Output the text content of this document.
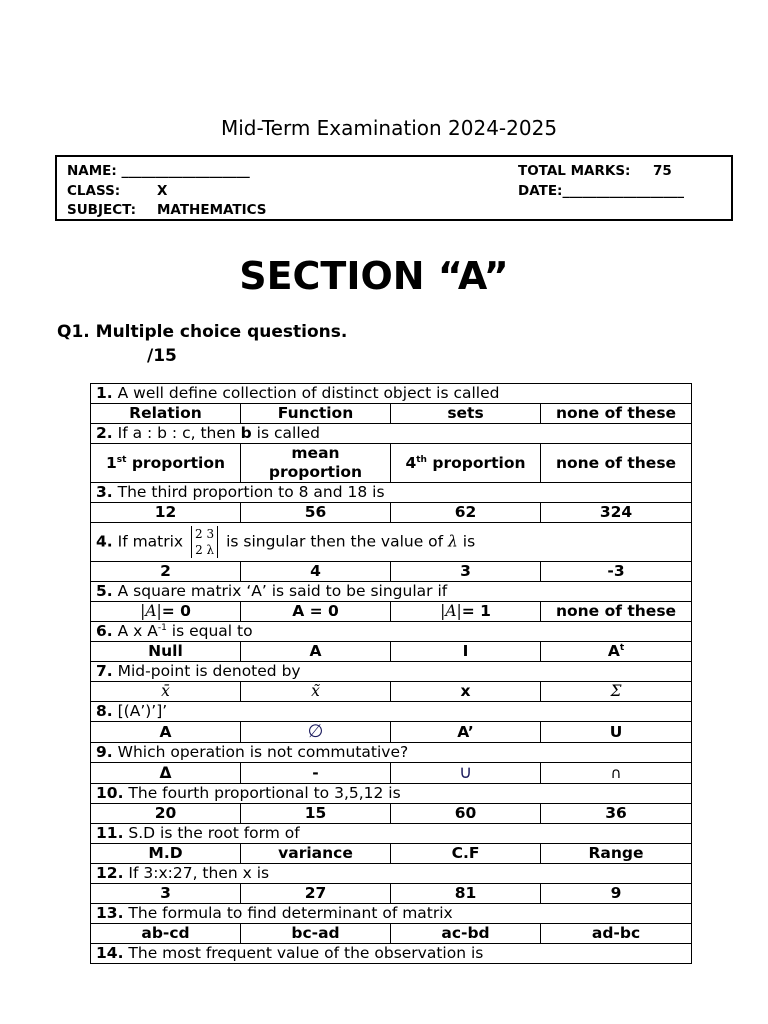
Mid-Term Examination 2024-2025
NAME: ___________________
CLASS:	X
SUBJECT: MATHEMATICS
TOTAL MARKS: 75
DATE:__________________
SECTION “A”
Q1. Multiple choice questions.
/15
1. A well define collection of distinct object is called			
Relation	Function	sets	none of these
2. If a : b : c, then b is called			
1st proportion	mean proportion	4th proportion	none of these
3. The third proportion to 8 and 18 is			
12	56	62	324
4. If matrix 2 3
2 λ is singular then the value of λ is			
2	4	3	-3
5. A square matrix ‘A’ is said to be singular if			
|A|= 0	A = 0	|A|= 1	none of these
6. A x $A^{-1}$ is equal to			
Null	A	I	$A^t$
7. Mid-point is denoted by			
x̄	x̃	x	Σ
8. [(A’)’]’			
A	∅	A’	U
9. Which operation is not commutative?			
Δ	-	∪	∩
10. The fourth proportional to 3,5,12 is			
20	15	60	36
11. S.D is the root form of			
M.D	variance	C.F	Range
12. If 3:x:27, then x is			
3	27	81	9
13. The formula to find determinant of matrix			
ab-cd	bc-ad	ac-bd	ad-bc
14. The most frequent value of the observation is			
